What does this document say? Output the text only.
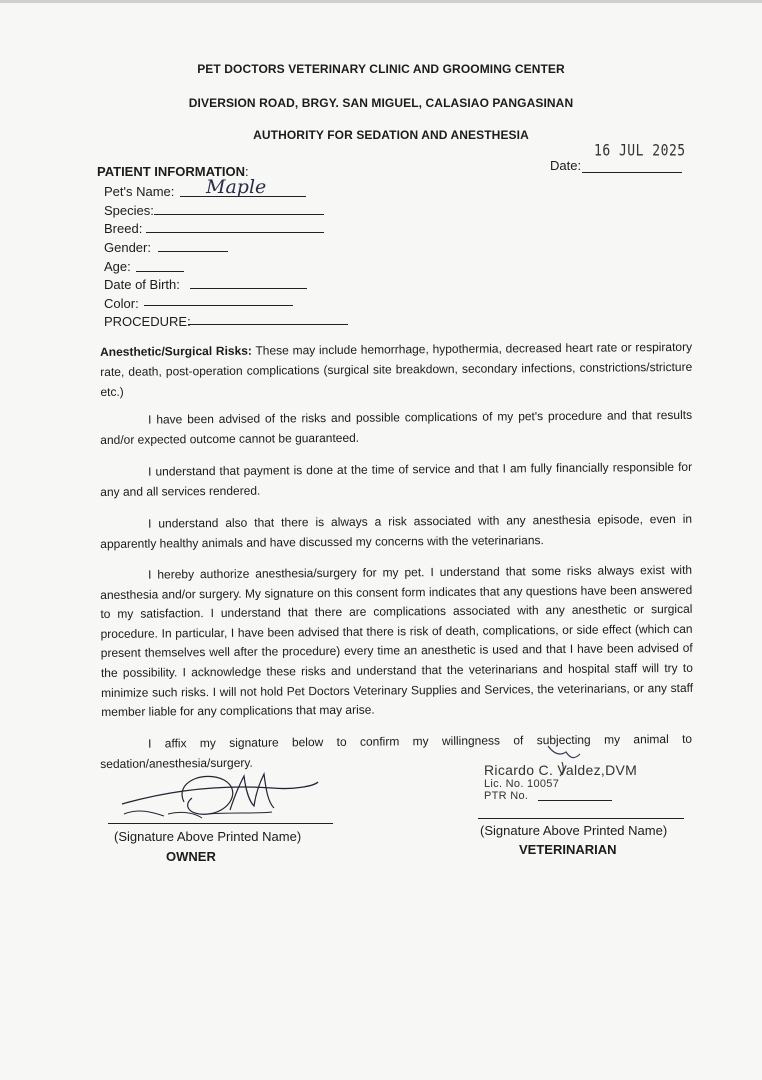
PET DOCTORS VETERINARY CLINIC AND GROOMING CENTER
DIVERSION ROAD, BRGY. SAN MIGUEL, CALASIAO PANGASINAN
AUTHORITY FOR SEDATION AND ANESTHESIA
16 JUL 2025
Date:
PATIENT INFORMATION:
Pet's Name: Maple
Species:
Breed:
Gender:
Age:
Date of Birth:
Color:
PROCEDURE:

Anesthetic/Surgical Risks: These may include hemorrhage, hypothermia, decreased heart rate or respiratory rate, death, post-operation complications (surgical site breakdown, secondary infections, constrictions/stricture etc.)

I have been advised of the risks and possible complications of my pet's procedure and that results and/or expected outcome cannot be guaranteed.

I understand that payment is done at the time of service and that I am fully financially responsible for any and all services rendered.

I understand also that there is always a risk associated with any anesthesia episode, even in apparently healthy animals and have discussed my concerns with the veterinarians.

I hereby authorize anesthesia/surgery for my pet. I understand that some risks always exist with anesthesia and/or surgery. My signature on this consent form indicates that any questions have been answered to my satisfaction. I understand that there are complications associated with any anesthetic or surgical procedure. In particular, I have been advised that there is risk of death, complications, or side effect (which can present themselves well after the procedure) every time an anesthetic is used and that I have been advised of the possibility. I acknowledge these risks and understand that the veterinarians and hospital staff will try to minimize such risks. I will not hold Pet Doctors Veterinary Supplies and Services, the veterinarians, or any staff member liable for any complications that may arise.

I affix my signature below to confirm my willingness of subjecting my animal to sedation/anesthesia/surgery.

(Signature Above Printed Name)
OWNER
Ricardo C. Valdez,DVM
Lic. No. 10057
PTR No.
(Signature Above Printed Name)
VETERINARIAN
